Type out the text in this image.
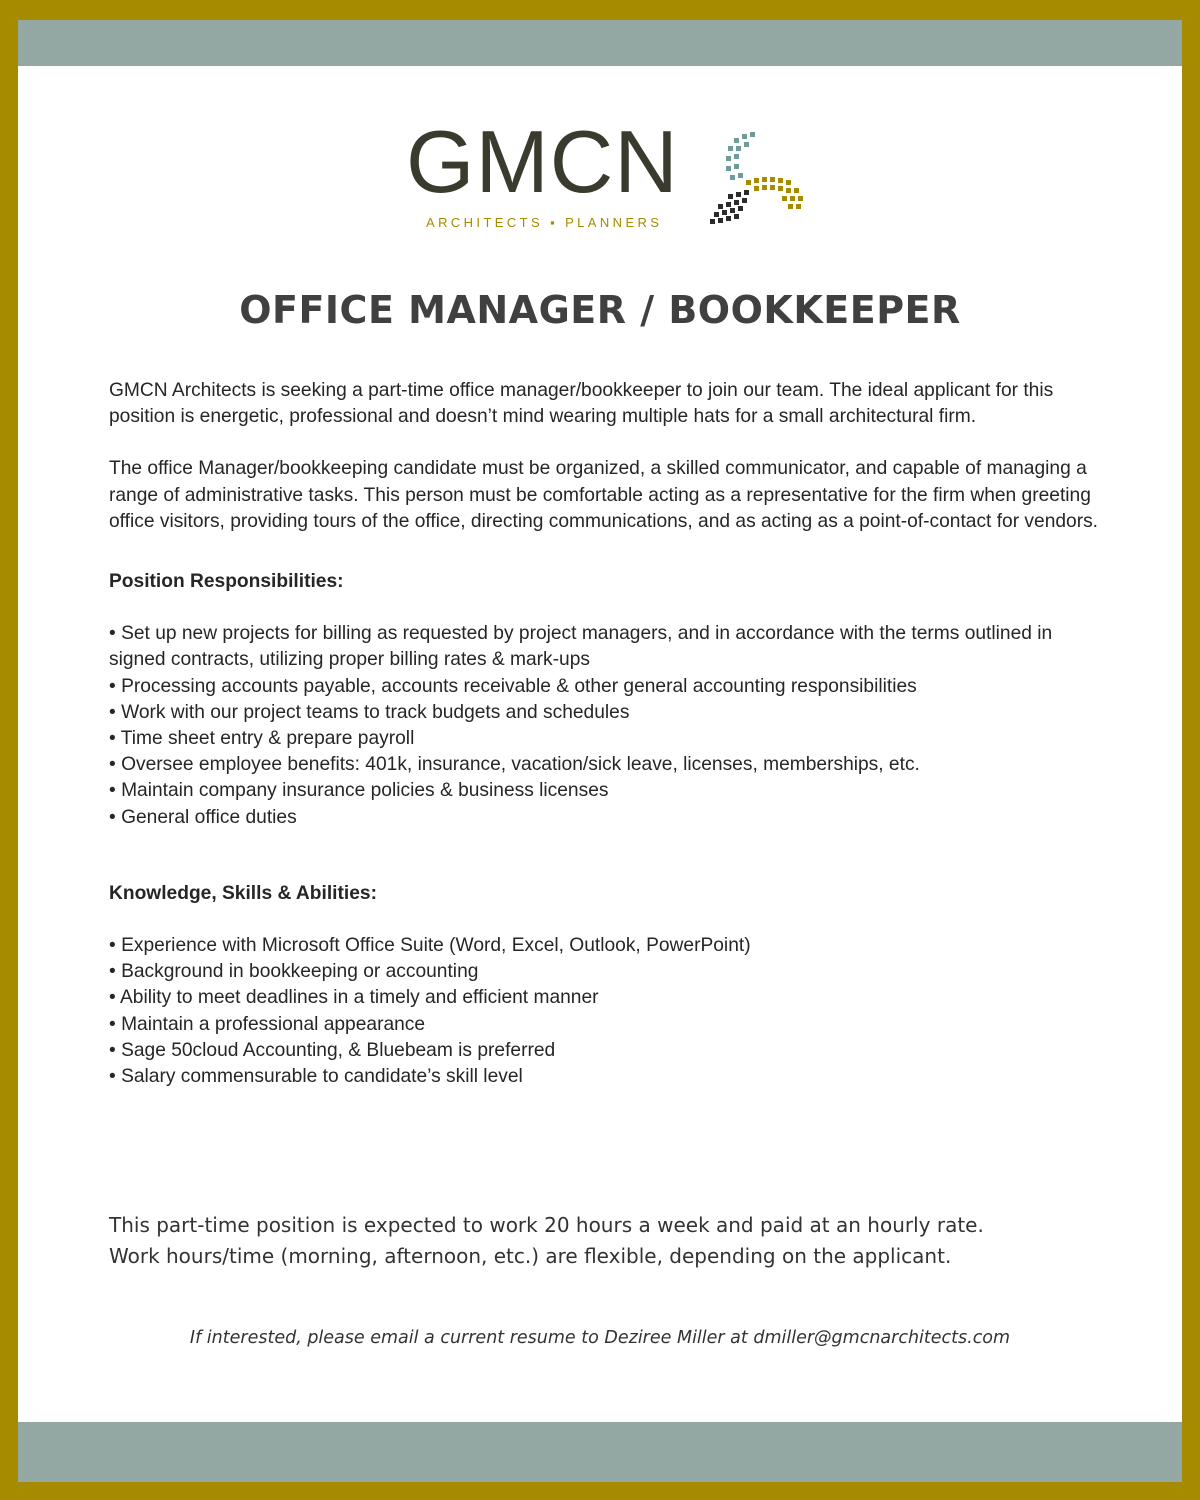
GMCN
ARCHITECTS ▪ PLANNERS
OFFICE MANAGER / BOOKKEEPER

GMCN Architects is seeking a part-time office manager/bookkeeper to join our team. The ideal applicant for this position is energetic, professional and doesn’t mind wearing multiple hats for a small architectural firm.

The office Manager/bookkeeping candidate must be organized, a skilled communicator, and capable of managing a range of administrative tasks. This person must be comfortable acting as a representative for the firm when greeting office visitors, providing tours of the office, directing communications, and as acting as a point-of-contact for vendors.

Position Responsibilities:

• Set up new projects for billing as requested by project managers, and in accordance with the terms outlined in signed contracts, utilizing proper billing rates & mark-ups
• Processing accounts payable, accounts receivable & other general accounting responsibilities
• Work with our project teams to track budgets and schedules
• Time sheet entry & prepare payroll
• Oversee employee benefits: 401k, insurance, vacation/sick leave, licenses, memberships, etc.
• Maintain company insurance policies & business licenses
• General office duties

Knowledge, Skills & Abilities:

• Experience with Microsoft Office Suite (Word, Excel, Outlook, PowerPoint)
• Background in bookkeeping or accounting
• Ability to meet deadlines in a timely and efficient manner
• Maintain a professional appearance
• Sage 50cloud Accounting, & Bluebeam is preferred
• Salary commensurable to candidate’s skill level
This part-time position is expected to work 20 hours a week and paid at an hourly rate.
Work hours/time (morning, afternoon, etc.) are flexible, depending on the applicant.
If interested, please email a current resume to Deziree Miller at dmiller@gmcnarchitects.com
